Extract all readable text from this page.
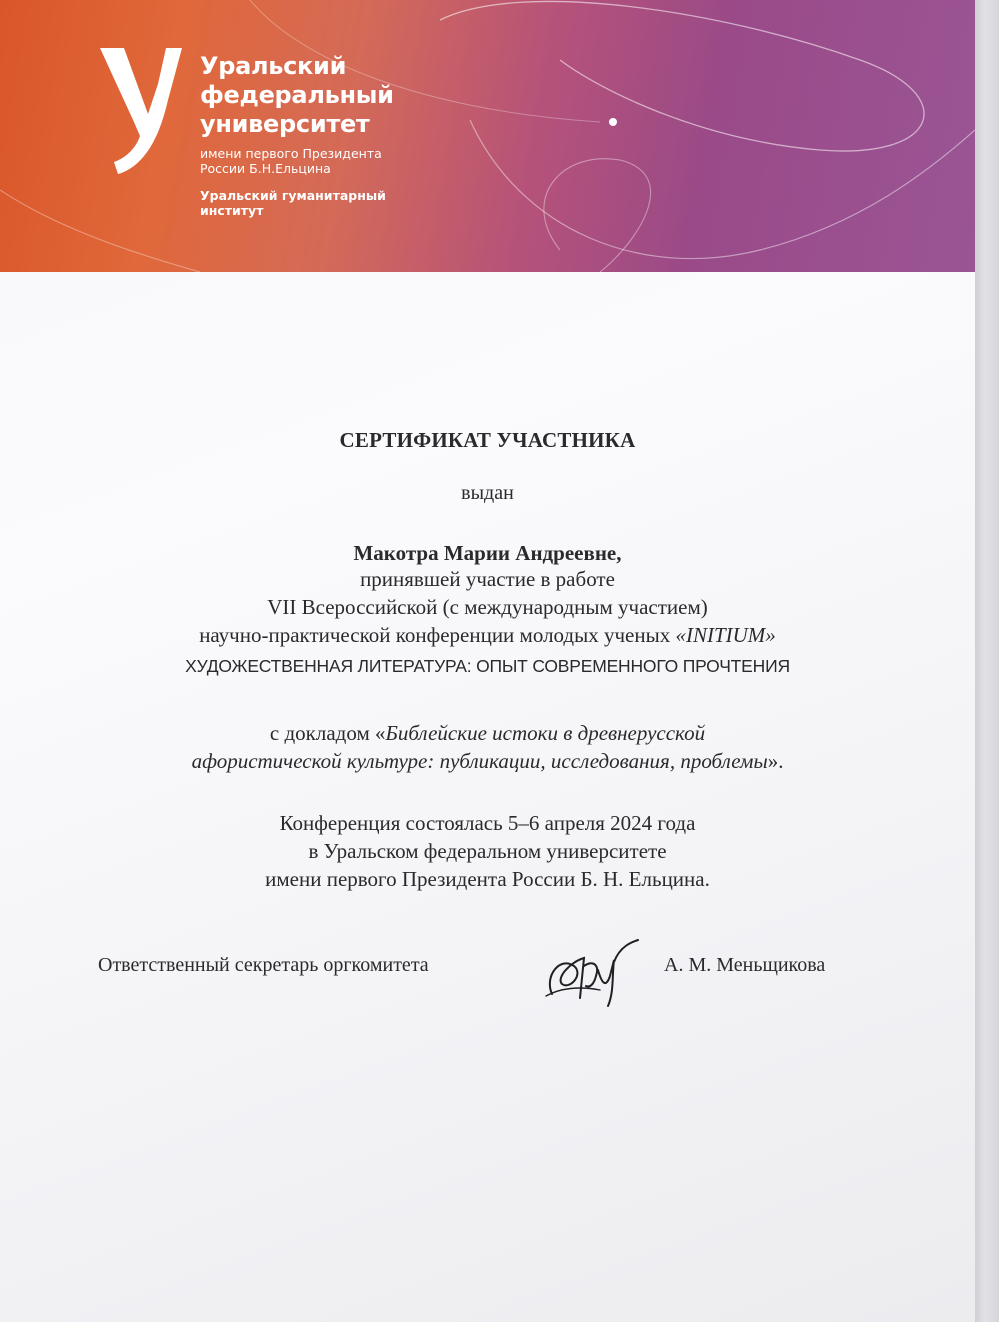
Уральский
федеральный
университет
имени первого Президента
России Б.Н.Ельцина
Уральский гуманитарный
институт
СЕРТИФИКАТ УЧАСТНИКА
выдан
Макотра Марии Андреевне,
принявшей участие в работе
VII Всероссийской (с международным участием)
научно-практической конференции молодых ученых «INITIUM»
ХУДОЖЕСТВЕННАЯ ЛИТЕРАТУРА: ОПЫТ СОВРЕМЕННОГО ПРОЧТЕНИЯ
с докладом «Библейские истоки в древнерусской
афористической культуре: публикации, исследования, проблемы».
Конференция состоялась 5–6 апреля 2024 года
в Уральском федеральном университете
имени первого Президента России Б. Н. Ельцина.
Ответственный секретарь оргкомитета	А. М. Меньщикова
